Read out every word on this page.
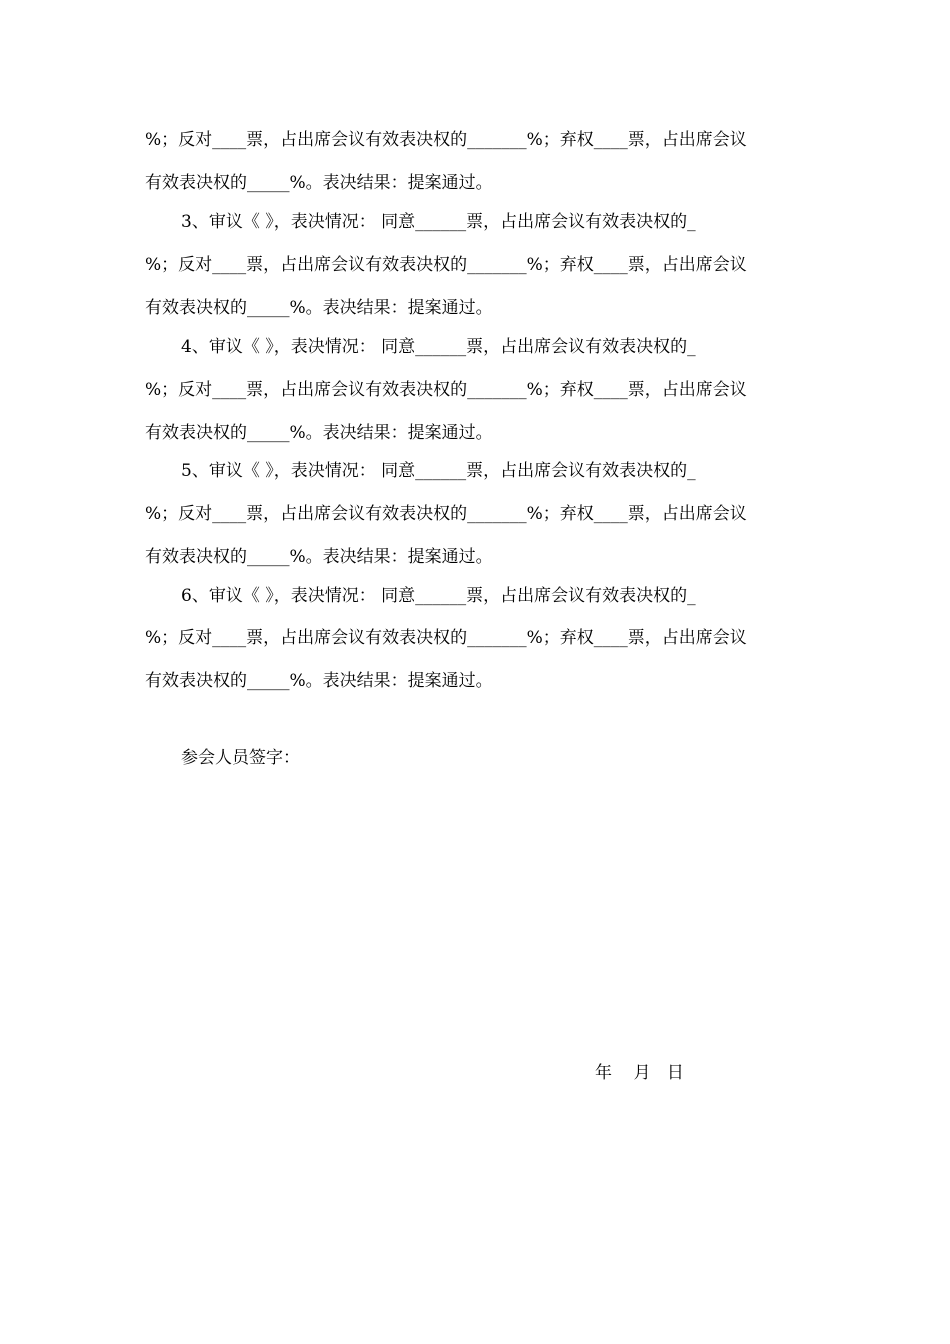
%；反对____票，占出席会议有效表决权的_______%；弃权____票，占出席会议
有效表决权的_____%。表决结果：提案通过。
3、审议《 》，表决情况： 同意______票，占出席会议有效表决权的_
%；反对____票，占出席会议有效表决权的_______%；弃权____票，占出席会议
有效表决权的_____%。表决结果：提案通过。
4、审议《 》，表决情况： 同意______票，占出席会议有效表决权的_
%；反对____票，占出席会议有效表决权的_______%；弃权____票，占出席会议
有效表决权的_____%。表决结果：提案通过。
5、审议《 》，表决情况： 同意______票，占出席会议有效表决权的_
%；反对____票，占出席会议有效表决权的_______%；弃权____票，占出席会议
有效表决权的_____%。表决结果：提案通过。
6、审议《 》，表决情况： 同意______票，占出席会议有效表决权的_
%；反对____票，占出席会议有效表决权的_______%；弃权____票，占出席会议
有效表决权的_____%。表决结果：提案通过。
参会人员签字：
年    月   日
